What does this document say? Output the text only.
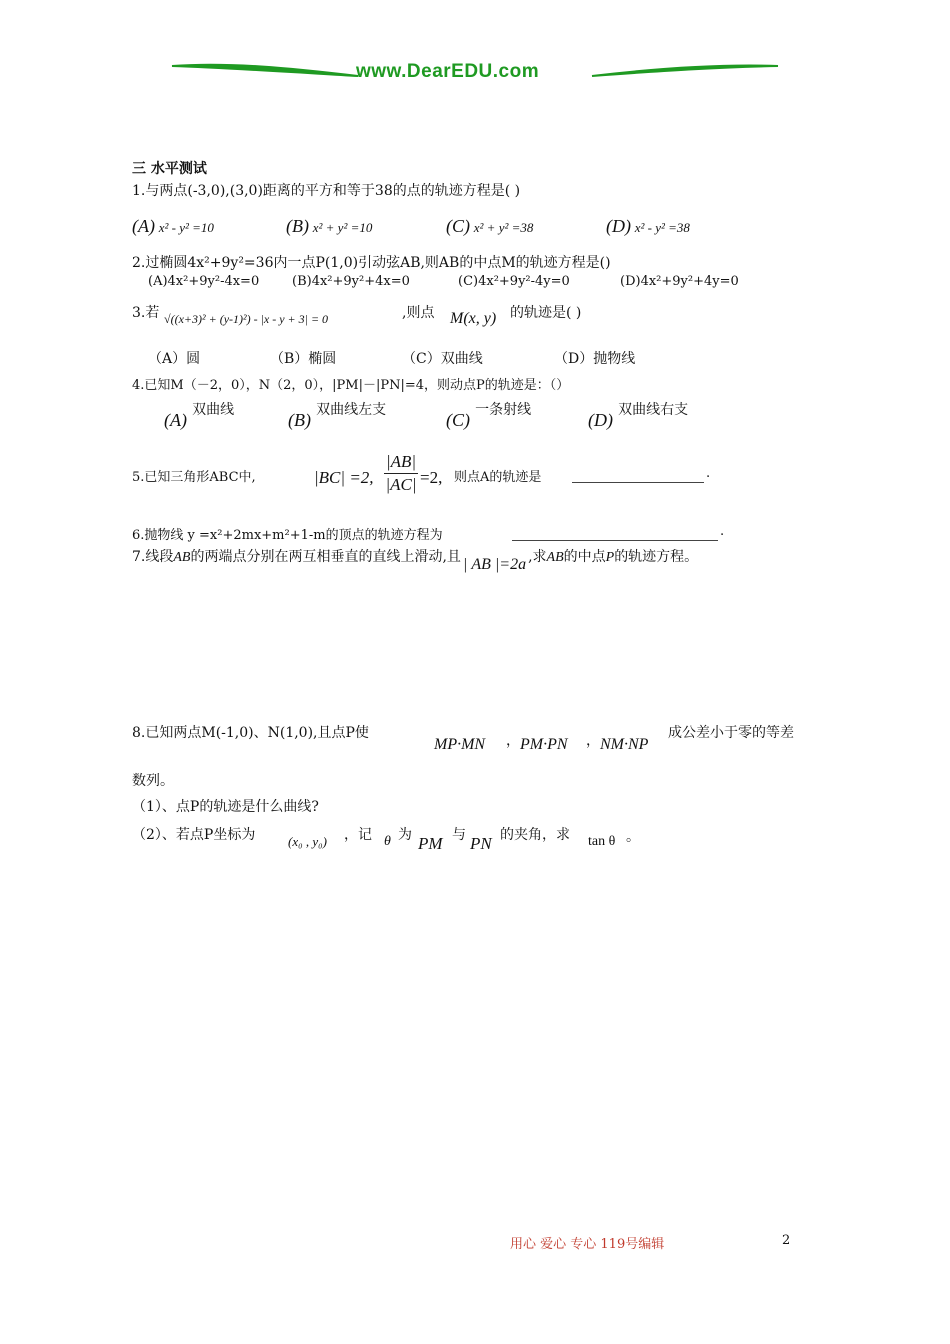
www.DearEDU.com
三 水平测试
1.与两点(-3,0),(3,0)距离的平方和等于38的点的轨迹方程是( )
(A) x² - y² =10	(B) x² + y² =10	(C) x² + y² =38	(D) x² - y² =38
2.过椭圆4x²+9y²=36内一点P(1,0)引动弦AB,则AB的中点M的轨迹方程是()
(A)4x²+9y²-4x=0	(B)4x²+9y²+4x=0	(C)4x²+9y²-4y=0	(D)4x²+9y²+4y=0
3.若 √((x+3)² + (y-1)²) - |x - y + 3| = 0	,则点 M(x, y) 的轨迹是( )
（A）圆	（B）椭圆	（C）双曲线	（D）抛物线
4.已知M（－2，0），N（2，0），|PM|－|PN|=4，则动点P的轨迹是：（）
(A) 双曲线	(B) 双曲线左支	(C) 一条射线	(D) 双曲线右支
5.已知三角形ABC中,	|BC| =2, $\frac{|AB|}{|AC|} =2$, 则点A的轨迹是	.
6.抛物线 y =x²+2mx+m²+1-m的顶点的轨迹方程为	.
7.线段AB的两端点分别在两互相垂直的直线上滑动,且 | AB |=2a ,求AB的中点P的轨迹方程。
8.已知两点M(-1,0)、N(1,0),且点P使
MP·MN ， PM·PN ， NM·NP
成公差小于零的等差
数列。
（1）、点P的轨迹是什么曲线?
（2）、若点P坐标为	(x₀ , y₀) ，记 θ 为 PM 与 PN 的夹角，求 tan θ 。
用心 爱心 专心 119号编辑	2
